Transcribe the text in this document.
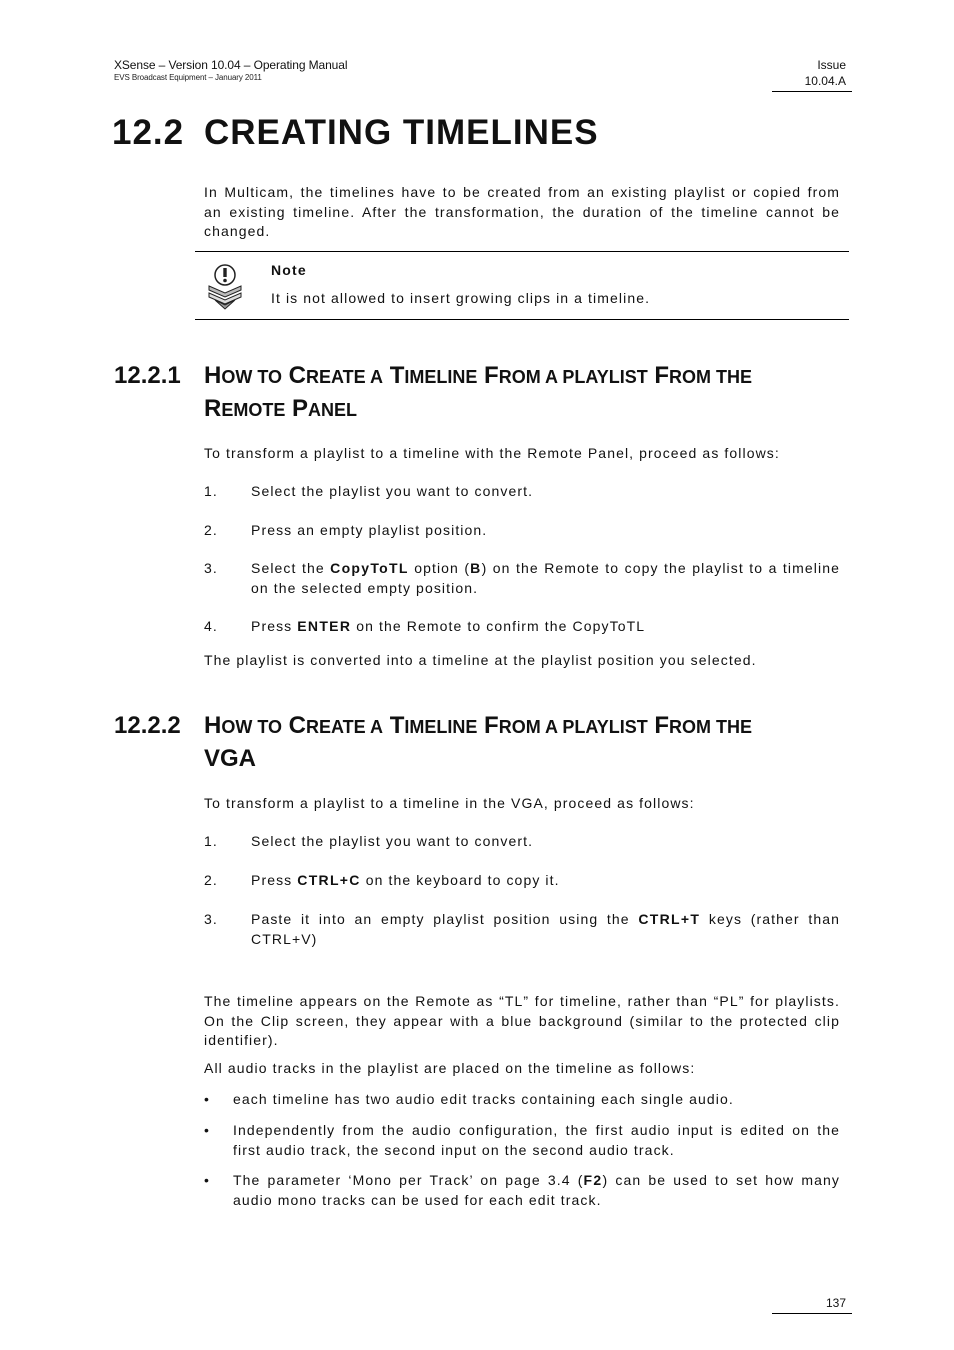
XSense – Version 10.04 – Operating Manual
EVS Broadcast Equipment – January 2011
Issue
10.04.A
12.2 CREATING TIMELINES
In Multicam, the timelines have to be created from an existing playlist or copied from an existing timeline. After the transformation, the duration of the timeline cannot be changed.
Note
It is not allowed to insert growing clips in a timeline.
12.2.1 HOW TO CREATE A TIMELINE FROM A PLAYLIST FROM THE
REMOTE PANEL
To transform a playlist to a timeline with the Remote Panel, proceed as follows:
1. Select the playlist you want to convert.
2. Press an empty playlist position.
3. Select the CopyToTL option (B) on the Remote to copy the playlist to a timeline on the selected empty position.
4. Press ENTER on the Remote to confirm the CopyToTL
The playlist is converted into a timeline at the playlist position you selected.
12.2.2 HOW TO CREATE A TIMELINE FROM A PLAYLIST FROM THE
VGA
To transform a playlist to a timeline in the VGA, proceed as follows:
1. Select the playlist you want to convert.
2. Press CTRL+C on the keyboard to copy it.
3. Paste it into an empty playlist position using the CTRL+T keys (rather than CTRL+V)
The timeline appears on the Remote as “TL” for timeline, rather than “PL” for playlists. On the Clip screen, they appear with a blue background (similar to the protected clip identifier).
All audio tracks in the playlist are placed on the timeline as follows:
• each timeline has two audio edit tracks containing each single audio.
• Independently from the audio configuration, the first audio input is edited on the first audio track, the second input on the second audio track.
• The parameter ‘Mono per Track’ on page 3.4 (F2) can be used to set how many audio mono tracks can be used for each edit track.
137
